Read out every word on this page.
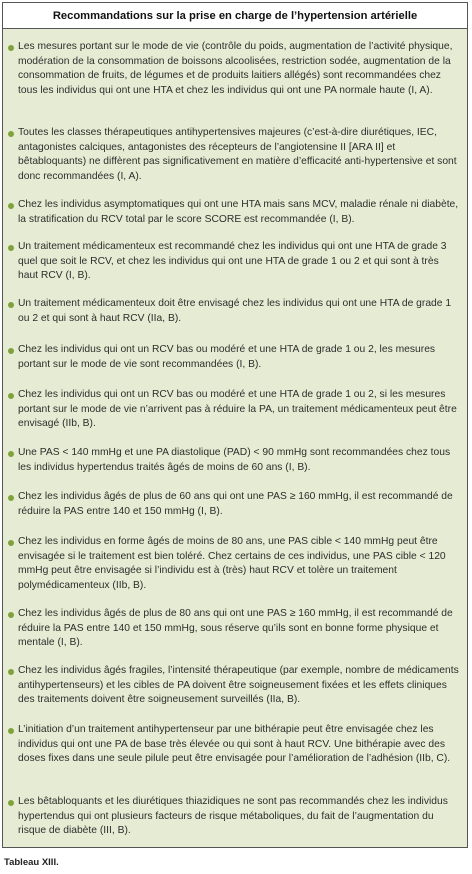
Recommandations sur la prise en charge de l’hypertension artérielle
Les mesures portant sur le mode de vie (contrôle du poids, augmentation de l’activité physique, modération de la consommation de boissons alcoolisées, restriction sodée, augmentation de la consommation de fruits, de légumes et de produits laitiers allégés) sont recommandées chez tous les individus qui ont une HTA et chez les individus qui ont une PA normale haute (I, A).
Toutes les classes thérapeutiques antihypertensives majeures (c’est-à-dire diurétiques, IEC, antagonistes calciques, antagonistes des récepteurs de l’angiotensine II [ARA II] et bêtabloquants) ne diffèrent pas significativement en matière d’efficacité anti-hypertensive et sont donc recommandées (I, A).
Chez les individus asymptomatiques qui ont une HTA mais sans MCV, maladie rénale ni diabète, la stratification du RCV total par le score SCORE est recommandée (I, B).
Un traitement médicamenteux est recommandé chez les individus qui ont une HTA de grade 3 quel que soit le RCV, et chez les individus qui ont une HTA de grade 1 ou 2 et qui sont à très haut RCV (I, B).
Un traitement médicamenteux doit être envisagé chez les individus qui ont une HTA de grade 1 ou 2 et qui sont à haut RCV (IIa, B).
Chez les individus qui ont un RCV bas ou modéré et une HTA de grade 1 ou 2, les mesures portant sur le mode de vie sont recommandées (I, B).
Chez les individus qui ont un RCV bas ou modéré et une HTA de grade 1 ou 2, si les mesures portant sur le mode de vie n’arrivent pas à réduire la PA, un traitement médicamenteux peut être envisagé (IIb, B).
Une PAS < 140 mmHg et une PA diastolique (PAD) < 90 mmHg sont recommandées chez tous les individus hypertendus traités âgés de moins de 60 ans (I, B).
Chez les individus âgés de plus de 60 ans qui ont une PAS ≥ 160 mmHg, il est recommandé de réduire la PAS entre 140 et 150 mmHg (I, B).
Chez les individus en forme âgés de moins de 80 ans, une PAS cible < 140 mmHg peut être envisagée si le traitement est bien toléré. Chez certains de ces individus, une PAS cible < 120 mmHg peut être envisagée si l’individu est à (très) haut RCV et tolère un traitement polymédicamenteux (IIb, B).
Chez les individus âgés de plus de 80 ans qui ont une PAS ≥ 160 mmHg, il est recommandé de réduire la PAS entre 140 et 150 mmHg, sous réserve qu’ils sont en bonne forme physique et mentale (I, B).
Chez les individus âgés fragiles, l’intensité thérapeutique (par exemple, nombre de médicaments antihypertenseurs) et les cibles de PA doivent être soigneusement fixées et les effets cliniques des traitements doivent être soigneusement surveillés (IIa, B).
L’initiation d’un traitement antihypertenseur par une bithérapie peut être envisagée chez les individus qui ont une PA de base très élevée ou qui sont à haut RCV. Une bithérapie avec des doses fixes dans une seule pilule peut être envisagée pour l’amélioration de l’adhésion (IIb, C).
Les bêtabloquants et les diurétiques thiazidiques ne sont pas recommandés chez les individus hypertendus qui ont plusieurs facteurs de risque métaboliques, du fait de l’augmentation du risque de diabète (III, B).
Tableau XIII.
